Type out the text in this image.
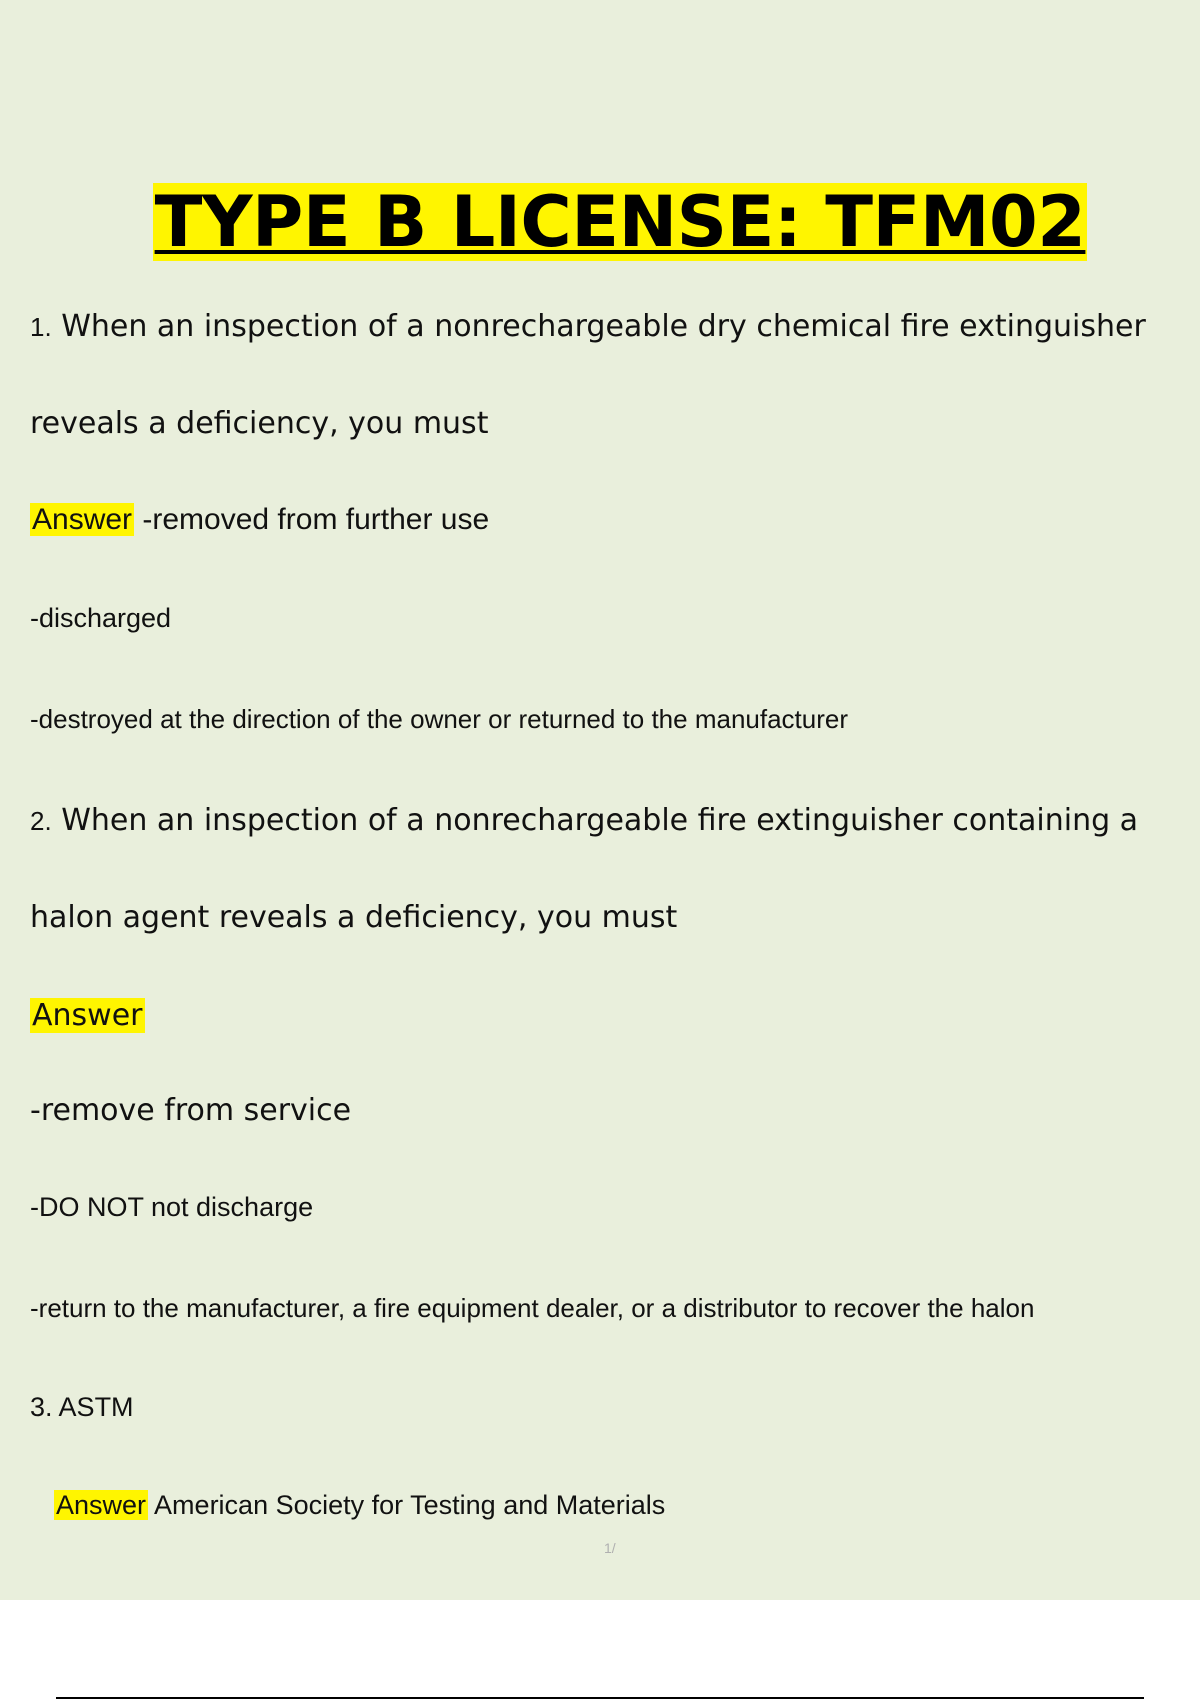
TYPE B LICENSE: TFM02
1. When an inspection of a nonrechargeable dry chemical fire extinguisher
reveals a deficiency, you must
Answer -removed from further use
-discharged
-destroyed at the direction of the owner or returned to the manufacturer
2. When an inspection of a nonrechargeable fire extinguisher containing a
halon agent reveals a deficiency, you must
Answer
-remove from service
-DO NOT not discharge
-return to the manufacturer, a fire equipment dealer, or a distributor to recover the halon
3. ASTM
Answer American Society for Testing and Materials
1/
